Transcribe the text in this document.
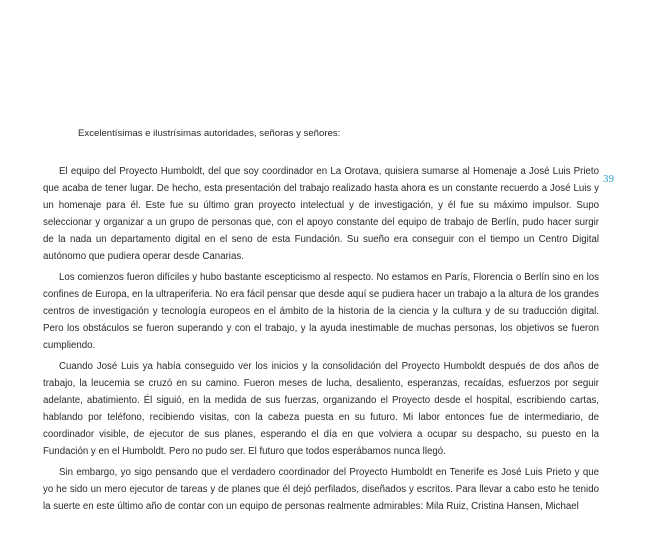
Excelentísimas e ilustrísimas autoridades, señoras y señores:

39

El equipo del Proyecto Humboldt, del que soy coordinador en La Orotava, quisiera sumarse al Homenaje a José Luis Prieto que acaba de tener lugar. De hecho, esta presentación del trabajo realizado hasta ahora es un constante recuerdo a José Luis y un homenaje para él. Este fue su último gran proyecto intelectual y de investigación, y él fue su máximo impulsor. Supo seleccionar y organizar a un grupo de personas que, con el apoyo constante del equipo de trabajo de Berlín, pudo hacer surgir de la nada un departamento digital en el seno de esta Fundación. Su sueño era conseguir con el tiempo un Centro Digital autónomo que pudiera operar desde Canarias.

Los comienzos fueron difíciles y hubo bastante escepticismo al respecto. No estamos en París, Florencia o Berlín sino en los confines de Europa, en la ultraperiferia. No era fácil pensar que desde aquí se pudiera hacer un trabajo a la altura de los grandes centros de investigación y tecnología europeos en el ámbito de la historia de la ciencia y la cultura y de su traducción digital. Pero los obstáculos se fueron superando y con el trabajo, y la ayuda inestimable de muchas personas, los objetivos se fueron cumpliendo.

Cuando José Luis ya había conseguido ver los inicios y la consolidación del Proyecto Humboldt después de dos años de trabajo, la leucemia se cruzó en su camino. Fueron meses de lucha, desaliento, esperanzas, recaídas, esfuerzos por seguir adelante, abatimiento. Él siguió, en la medida de sus fuerzas, organizando el Proyecto desde el hospital, escribiendo cartas, hablando por teléfono, recibiendo visitas, con la cabeza puesta en su futuro. Mi labor entonces fue de intermediario, de coordinador visible, de ejecutor de sus planes, esperando el día en que volviera a ocupar su despacho, su puesto en la Fundación y en el Humboldt. Pero no pudo ser. El futuro que todos esperábamos nunca llegó.

Sin embargo, yo sigo pensando que el verdadero coordinador del Proyecto Humboldt en Tenerife es José Luis Prieto y que yo he sido un mero ejecutor de tareas y de planes que él dejó perfilados, diseñados y escritos. Para llevar a cabo esto he tenido la suerte en este último año de contar con un equipo de personas realmente admirables: Mila Ruiz, Cristina Hansen, Michael
